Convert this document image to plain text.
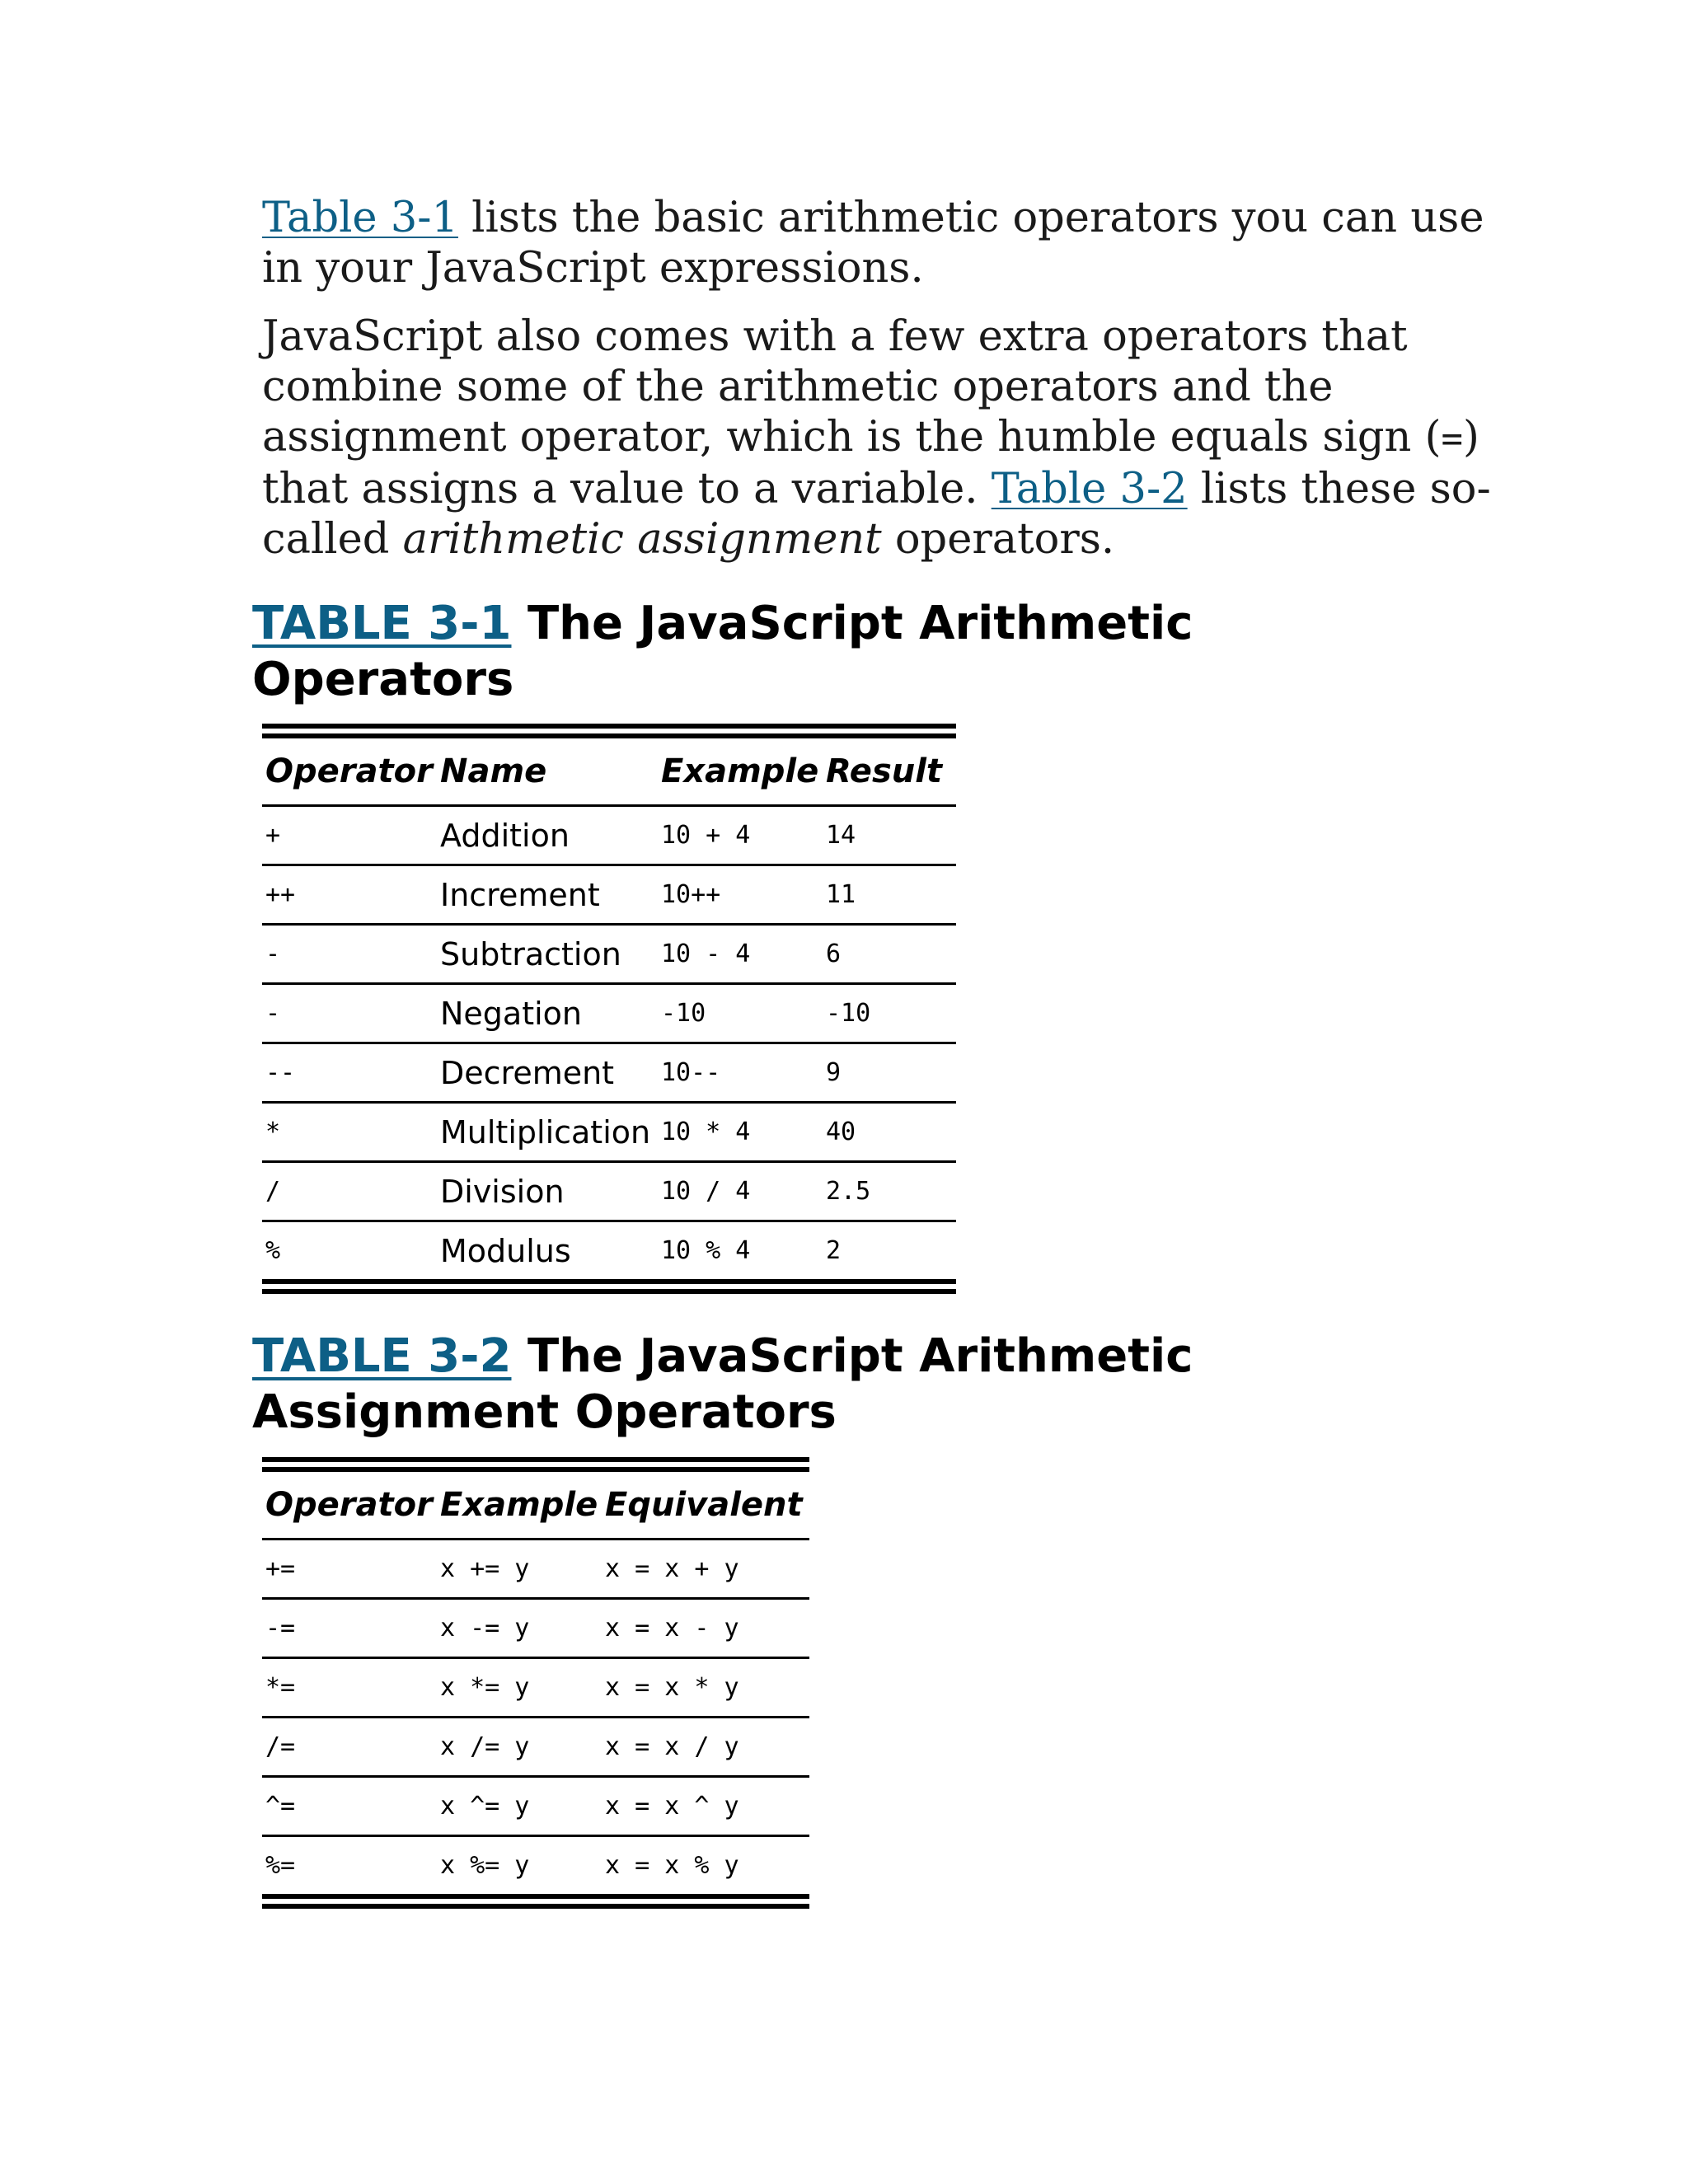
Table 3-1 lists the basic arithmetic operators you can use in your JavaScript expressions.

JavaScript also comes with a few extra operators that combine some of the arithmetic operators and the assignment operator, which is the humble equals sign (=) that assigns a value to a variable. Table 3-2 lists these so-called arithmetic assignment operators.

TABLE 3-1 The JavaScript Arithmetic Operators

Operator	Name	Example	Result
+	Addition	10 + 4	14
++	Increment	10++	11
-	Subtraction	10 - 4	6
-	Negation	-10	-10
--	Decrement	10--	9
*	Multiplication	10 * 4	40
/	Division	10 / 4	2.5
%	Modulus	10 % 4	2

TABLE 3-2 The JavaScript Arithmetic Assignment Operators

Operator	Example	Equivalent
+=	x += y	x = x + y
-=	x -= y	x = x - y
*=	x *= y	x = x * y
/=	x /= y	x = x / y
^=	x ^= y	x = x ^ y
%=	x %= y	x = x % y
